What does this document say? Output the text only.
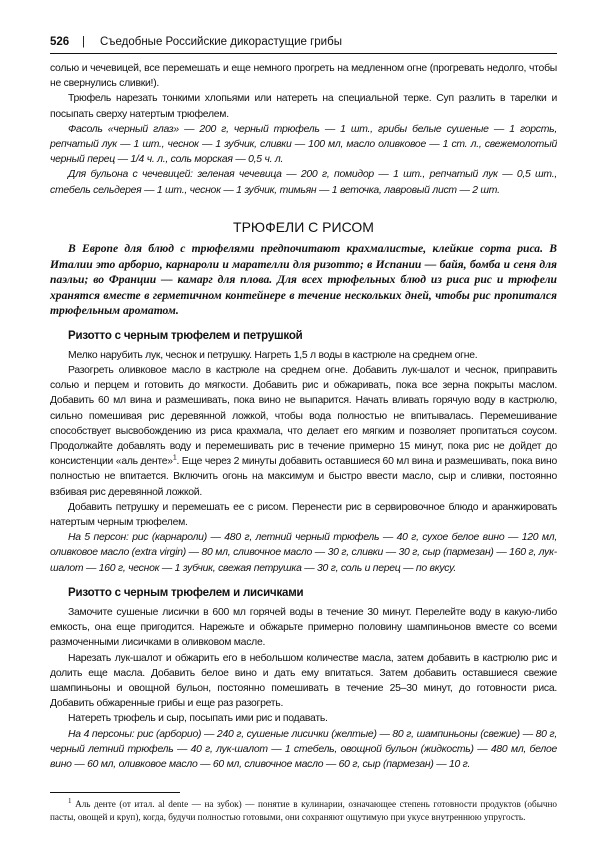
526	|	Съедобные Российские дикорастущие грибы

солью и чечевицей, все перемешать и еще немного прогреть на медленном огне (прогревать недолго, чтобы не свернулись сливки!).

Трюфель нарезать тонкими хлопьями или натереть на специальной терке. Суп разлить в тарелки и посыпать сверху натертым трюфелем.

Фасоль «черный глаз» — 200 г, черный трюфель — 1 шт., грибы белые сушеные — 1 горсть, репчатый лук — 1 шт., чеснок — 1 зубчик, сливки — 100 мл, масло оливковое — 1 ст. л., свежемолотый черный перец — 1/4 ч. л., соль морская — 0,5 ч. л.

Для бульона с чечевицей: зеленая чечевица — 200 г, помидор — 1 шт., репчатый лук — 0,5 шт., стебель сельдерея — 1 шт., чеснок — 1 зубчик, тимьян — 1 веточка, лавровый лист — 2 шт.

ТРЮФЕЛИ С РИСОМ

В Европе для блюд с трюфелями предпочитают крахмалистые, клейкие сорта риса. В Италии это арборио, карнароли и марателли для ризотто; в Испании — байя, бомба и сеня для паэльи; во Франции — камарг для плова. Для всех трюфельных блюд из риса рис и трюфели хранятся вместе в герметичном контейнере в течение нескольких дней, чтобы рис пропитался трюфельным ароматом.

Ризотто с черным трюфелем и петрушкой

Мелко нарубить лук, чеснок и петрушку. Нагреть 1,5 л воды в кастрюле на среднем огне.

Разогреть оливковое масло в кастрюле на среднем огне. Добавить лук-шалот и чеснок, приправить солью и перцем и готовить до мягкости. Добавить рис и обжаривать, пока все зерна покрыты маслом. Добавить 60 мл вина и размешивать, пока вино не выпарится. Начать вливать горячую воду в кастрюлю, сильно помешивая рис деревянной ложкой, чтобы вода полностью не впитывалась. Перемешивание способствует высвобождению из риса крахмала, что делает его мягким и позволяет пропитаться соусом. Продолжайте добавлять воду и перемешивать рис в течение примерно 15 минут, пока рис не дойдет до консистенции «аль денте»$^1$. Еще через 2 минуты добавить оставшиеся 60 мл вина и размешивать, пока вино полностью не впитается. Включить огонь на максимум и быстро ввести масло, сыр и сливки, постоянно взбивая рис деревянной ложкой.

Добавить петрушку и перемешать ее с рисом. Перенести рис в сервировочное блюдо и аранжировать натертым черным трюфелем.

На 5 персон: рис (карнароли) — 480 г, летний черный трюфель — 40 г, сухое белое вино — 120 мл, оливковое масло (extra virgin) — 80 мл, сливочное масло — 30 г, сливки — 30 г, сыр (пармезан) — 160 г, лук-шалот — 160 г, чеснок — 1 зубчик, свежая петрушка — 30 г, соль и перец — по вкусу.

Ризотто с черным трюфелем и лисичками

Замочите сушеные лисички в 600 мл горячей воды в течение 30 минут. Перелейте воду в какую-либо емкость, она еще пригодится. Нарежьте и обжарьте примерно половину шампиньонов вместе со всеми размоченными лисичками в оливковом масле.

Нарезать лук-шалот и обжарить его в небольшом количестве масла, затем добавить в кастрюлю рис и долить еще масла. Добавить белое вино и дать ему впитаться. Затем добавить оставшиеся свежие шампиньоны и овощной бульон, постоянно помешивать в течение 25–30 минут, до готовности риса. Добавить обжаренные грибы и еще раз разогреть.

Натереть трюфель и сыр, посыпать ими рис и подавать.

На 4 персоны: рис (арборио) — 240 г, сушеные лисички (желтые) — 80 г, шампиньоны (свежие) — 80 г, черный летний трюфель — 40 г, лук-шалот — 1 стебель, овощной бульон (жидкость) — 480 мл, белое вино — 60 мл, оливковое масло — 60 мл, сливочное масло — 60 г, сыр (пармезан) — 10 г.

$^1$ Аль денте (от итал. al dente — на зубок) — понятие в кулинарии, означающее степень готовности продуктов (обычно пасты, овощей и круп), когда, будучи полностью готовыми, они сохраняют ощутимую при укусе внутреннюю упругость.
